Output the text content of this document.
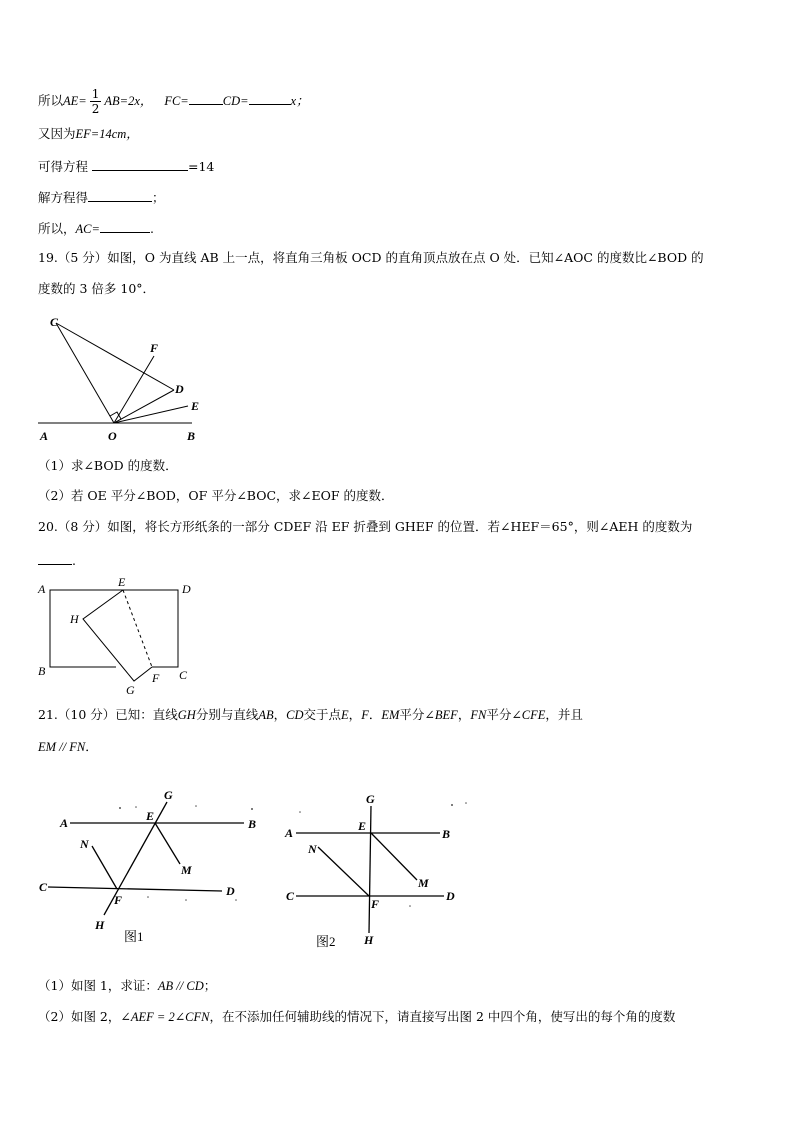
所以$AE= \frac{1}{2} AB=2x$， FC=	CD=	x；
又因为EF=14cm，
可得方程	=14
解方程得	；
所以，AC=	.
19.（5 分）如图，O 为直线 AB 上一点，将直角三角板 OCD 的直角顶点放在点 O 处．已知∠AOC 的度数比∠BOD 的
度数的 3 倍多 10°．
C
F
D
E
A	O	B
（1）求∠BOD 的度数．
（2）若 OE 平分∠BOD，OF 平分∠BOC，求∠EOF 的度数．
20.（8 分）如图，将长方形纸条的一部分 CDEF 沿 EF 折叠到 GHEF 的位置．若∠HEF＝65°，则∠AEH 的度数为
.
A	E	D
H
B	F C
G
21.（10 分）已知：直线GH分别与直线AB，CD交于点E，F．EM平分∠BEF，FN平分∠CFE，并且
EM // FN．
A
G
E
B
N
M
C
F
D
H
G
A	E
B
N
M
C
F
D
H
图1	图2
（1）如图 1，求证：AB // CD；
（2）如图 2，∠AEF = 2∠CFN，在不添加任何辅助线的情况下，请直接写出图 2 中四个角，使写出的每个角的度数
